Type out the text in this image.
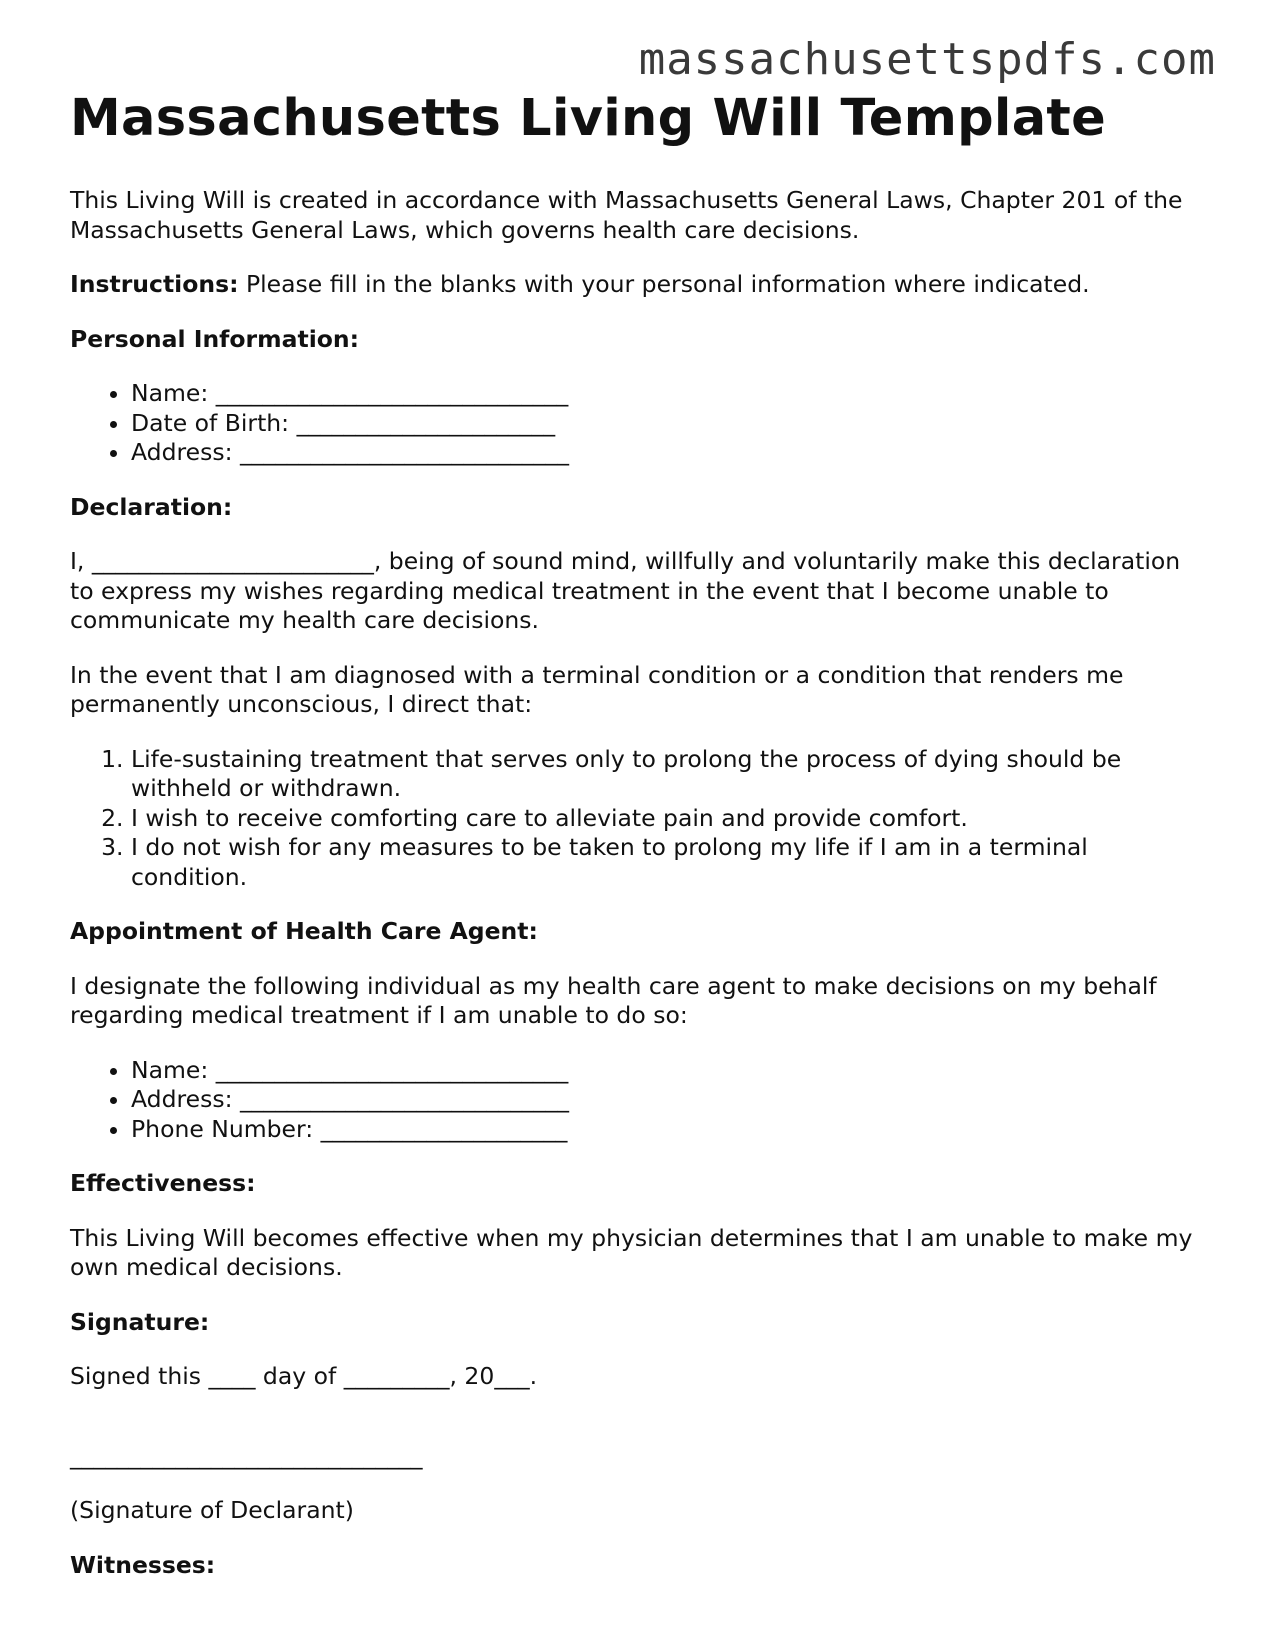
massachusettspdfs.com
Massachusetts Living Will Template

This Living Will is created in accordance with Massachusetts General Laws, Chapter 201 of the Massachusetts General Laws, which governs health care decisions.

Instructions: Please fill in the blanks with your personal information where indicated.

Personal Information:
• Name: ______________________________
• Date of Birth: ______________________
• Address: ____________________________
Declaration:

I, ________________________, being of sound mind, willfully and voluntarily make this declaration to express my wishes regarding medical treatment in the event that I become unable to communicate my health care decisions.

In the event that I am diagnosed with a terminal condition or a condition that renders me permanently unconscious, I direct that:

1. Life-sustaining treatment that serves only to prolong the process of dying should be withheld or withdrawn.
2. I wish to receive comforting care to alleviate pain and provide comfort.
3. I do not wish for any measures to be taken to prolong my life if I am in a terminal condition.
Appointment of Health Care Agent:

I designate the following individual as my health care agent to make decisions on my behalf regarding medical treatment if I am unable to do so:

• Name: ______________________________
• Address: ____________________________
• Phone Number: _____________________
Effectiveness:

This Living Will becomes effective when my physician determines that I am unable to make my own medical decisions.

Signature:

Signed this ____ day of _________, 20___.

______________________________

(Signature of Declarant)

Witnesses:
